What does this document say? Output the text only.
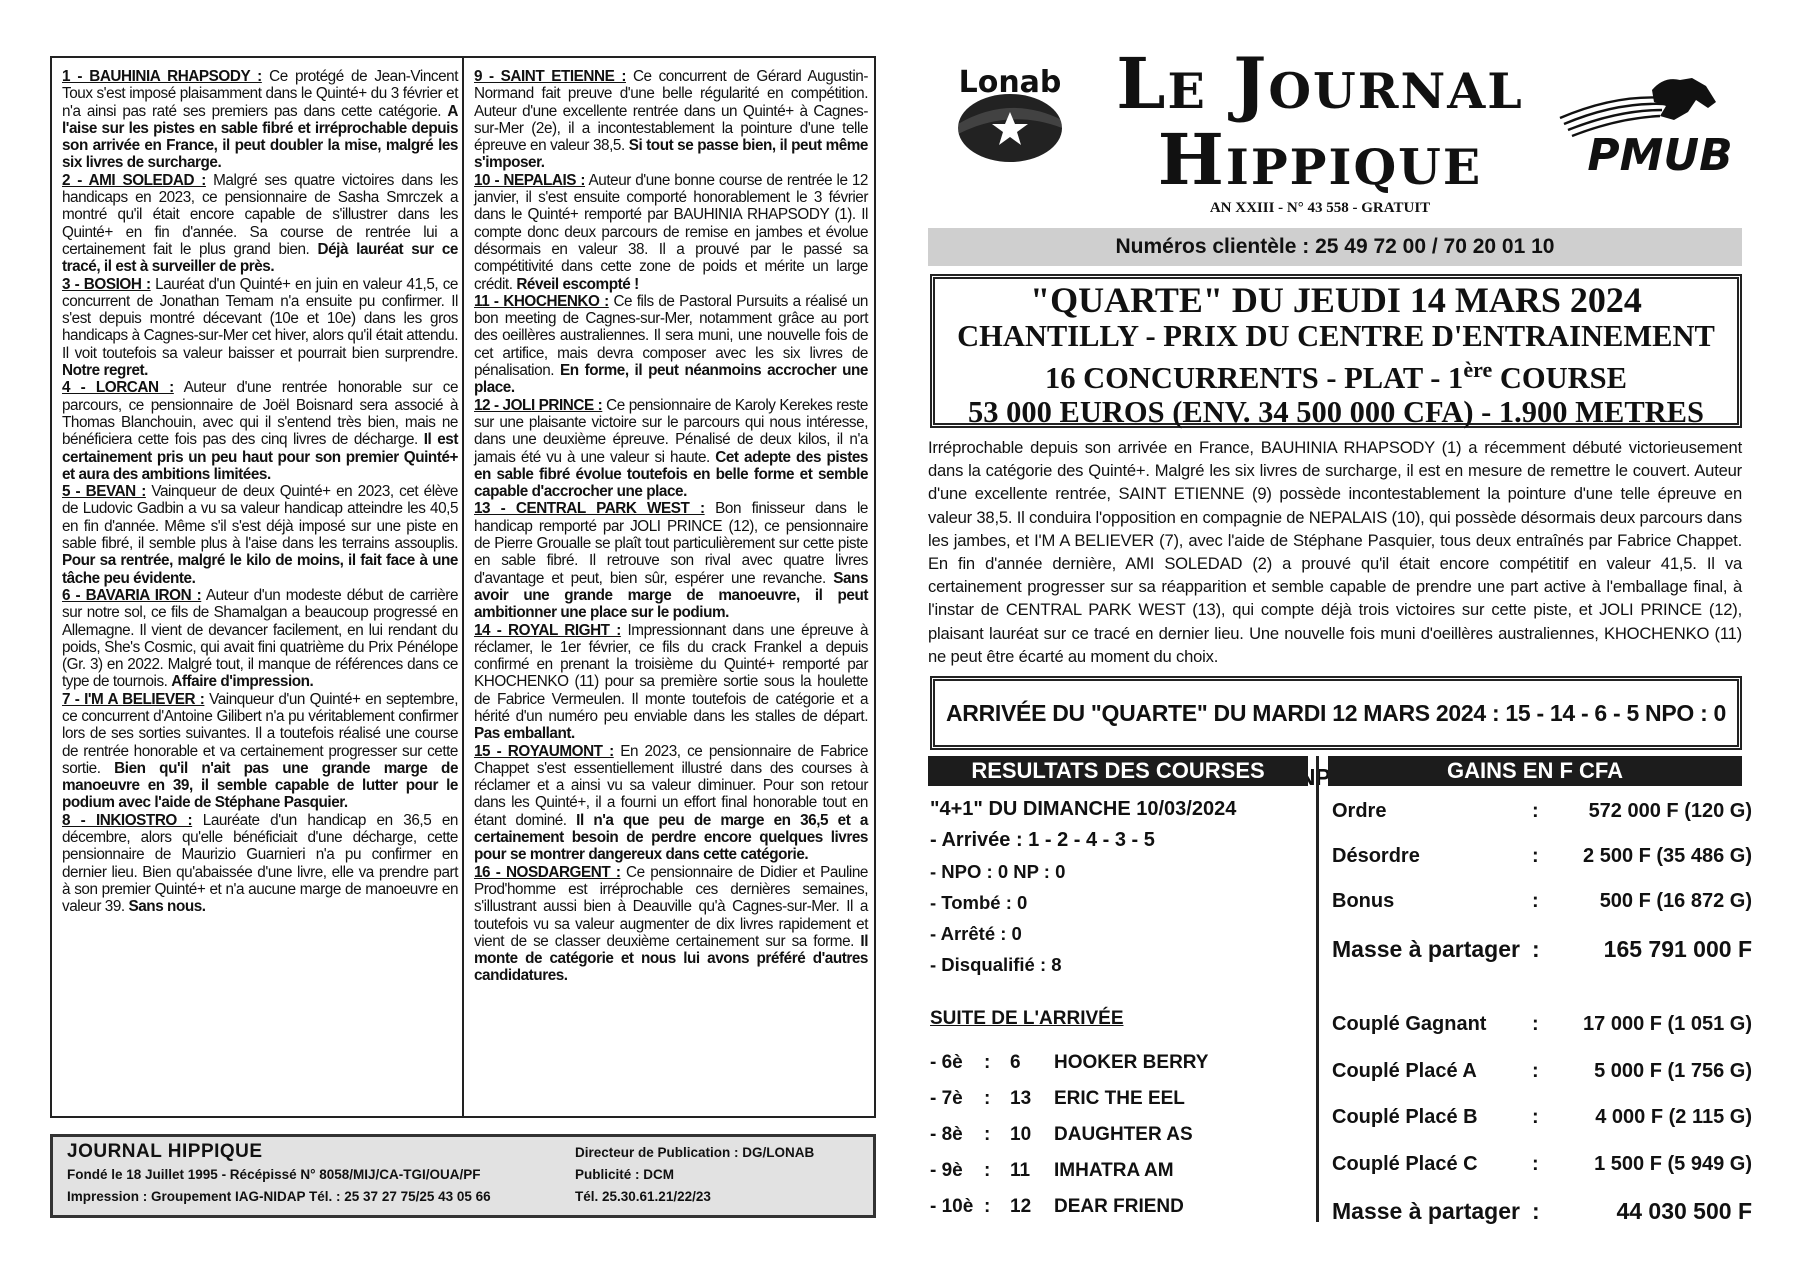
1 - BAUHINIA RHAPSODY : Ce protégé de Jean-Vincent Toux s'est imposé plaisamment dans le Quinté+ du 3 février et n'a ainsi pas raté ses premiers pas dans cette catégorie. A l'aise sur les pistes en sable fibré et irréprochable depuis son arrivée en France, il peut doubler la mise, malgré les six livres de surcharge.

2 - AMI SOLEDAD : Malgré ses quatre victoires dans les handicaps en 2023, ce pensionnaire de Sasha Smrczek a montré qu'il était encore capable de s'illustrer dans les Quinté+ en fin d'année. Sa course de rentrée lui a certainement fait le plus grand bien. Déjà lauréat sur ce tracé, il est à surveiller de près.

3 - BOSIOH : Lauréat d'un Quinté+ en juin en valeur 41,5, ce concurrent de Jonathan Temam n'a ensuite pu confirmer. Il s'est depuis montré décevant (10e et 10e) dans les gros handicaps à Cagnes-sur-Mer cet hiver, alors qu'il était attendu. Il voit toutefois sa valeur baisser et pourrait bien surprendre. Notre regret.

4 - LORCAN : Auteur d'une rentrée honorable sur ce parcours, ce pensionnaire de Joël Boisnard sera associé à Thomas Blanchouin, avec qui il s'entend très bien, mais ne bénéficiera cette fois pas des cinq livres de décharge. Il est certainement pris un peu haut pour son premier Quinté+ et aura des ambitions limitées.

5 - BEVAN : Vainqueur de deux Quinté+ en 2023, cet élève de Ludovic Gadbin a vu sa valeur handicap atteindre les 40,5 en fin d'année. Même s'il s'est déjà imposé sur une piste en sable fibré, il semble plus à l'aise dans les terrains assouplis. Pour sa rentrée, malgré le kilo de moins, il fait face à une tâche peu évidente.

6 - BAVARIA IRON : Auteur d'un modeste début de carrière sur notre sol, ce fils de Shamalgan a beaucoup progressé en Allemagne. Il vient de devancer facilement, en lui rendant du poids, She's Cosmic, qui avait fini quatrième du Prix Pénélope (Gr. 3) en 2022. Malgré tout, il manque de références dans ce type de tournois. Affaire d'impression.

7 - I'M A BELIEVER : Vainqueur d'un Quinté+ en septembre, ce concurrent d'Antoine Gilibert n'a pu véritablement confirmer lors de ses sorties suivantes. Il a toutefois réalisé une course de rentrée honorable et va certainement progresser sur cette sortie. Bien qu'il n'ait pas une grande marge de manoeuvre en 39, il semble capable de lutter pour le podium avec l'aide de Stéphane Pasquier.

8 - INKIOSTRO : Lauréate d'un handicap en 36,5 en décembre, alors qu'elle bénéficiait d'une décharge, cette pensionnaire de Maurizio Guarnieri n'a pu confirmer en dernier lieu. Bien qu'abaissée d'une livre, elle va prendre part à son premier Quinté+ et n'a aucune marge de manoeuvre en valeur 39. Sans nous.

9 - SAINT ETIENNE : Ce concurrent de Gérard Augustin-Normand fait preuve d'une belle régularité en compétition. Auteur d'une excellente rentrée dans un Quinté+ à Cagnes-sur-Mer (2e), il a incontestablement la pointure d'une telle épreuve en valeur 38,5. Si tout se passe bien, il peut même s'imposer.

10 - NEPALAIS : Auteur d'une bonne course de rentrée le 12 janvier, il s'est ensuite comporté honorablement le 3 février dans le Quinté+ remporté par BAUHINIA RHAPSODY (1). Il compte donc deux parcours de remise en jambes et évolue désormais en valeur 38. Il a prouvé par le passé sa compétitivité dans cette zone de poids et mérite un large crédit. Réveil escompté !

11 - KHOCHENKO : Ce fils de Pastoral Pursuits a réalisé un bon meeting de Cagnes-sur-Mer, notamment grâce au port des oeillères australiennes. Il sera muni, une nouvelle fois de cet artifice, mais devra composer avec les six livres de pénalisation. En forme, il peut néanmoins accrocher une place.

12 - JOLI PRINCE : Ce pensionnaire de Karoly Kerekes reste sur une plaisante victoire sur le parcours qui nous intéresse, dans une deuxième épreuve. Pénalisé de deux kilos, il n'a jamais été vu à une valeur si haute. Cet adepte des pistes en sable fibré évolue toutefois en belle forme et semble capable d'accrocher une place.

13 - CENTRAL PARK WEST : Bon finisseur dans le handicap remporté par JOLI PRINCE (12), ce pensionnaire de Pierre Groualle se plaît tout particulièrement sur cette piste en sable fibré. Il retrouve son rival avec quatre livres d'avantage et peut, bien sûr, espérer une revanche. Sans avoir une grande marge de manoeuvre, il peut ambitionner une place sur le podium.

14 - ROYAL RIGHT : Impressionnant dans une épreuve à réclamer, le 1er février, ce fils du crack Frankel a depuis confirmé en prenant la troisième du Quinté+ remporté par KHOCHENKO (11) pour sa première sortie sous la houlette de Fabrice Vermeulen. Il monte toutefois de catégorie et a hérité d'un numéro peu enviable dans les stalles de départ. Pas emballant.

15 - ROYAUMONT : En 2023, ce pensionnaire de Fabrice Chappet s'est essentiellement illustré dans des courses à réclamer et a ainsi vu sa valeur diminuer. Pour son retour dans les Quinté+, il a fourni un effort final honorable tout en étant dominé. Il n'a que peu de marge en 36,5 et a certainement besoin de perdre encore quelques livres pour se montrer dangereux dans cette catégorie.

16 - NOSDARGENT : Ce pensionnaire de Didier et Pauline Prod'homme est irréprochable ces dernières semaines, s'illustrant aussi bien à Deauville qu'à Cagnes-sur-Mer. Il a toutefois vu sa valeur augmenter de dix livres rapidement et vient de se classer deuxième certainement sur sa forme. Il monte de catégorie et nous lui avons préféré d'autres candidatures.

JOURNAL HIPPIQUE
Fondé le 18 Juillet 1995 - Récépissé N° 8058/MIJ/CA-TGI/OUA/PF
Impression : Groupement IAG-NIDAP Tél. : 25 37 27 75/25 43 05 66
Directeur de Publication : DG/LONAB
Publicité : DCM
Tél. 25.30.61.21/22/23
Lonab Le Journal
Hippique	PMUB
AN XXIII - N° 43 558 - GRATUIT
Numéros clientèle : 25 49 72 00 / 70 20 01 10
"QUARTE" DU JEUDI 14 MARS 2024
CHANTILLY - PRIX DU CENTRE D'ENTRAINEMENT
16 CONCURRENTS - PLAT - 1ère COURSE
53 000 EUROS (ENV. 34 500 000 CFA) - 1.900 METRES
Irréprochable depuis son arrivée en France, BAUHINIA RHAPSODY (1) a récemment débuté victorieusement dans la catégorie des Quinté+. Malgré les six livres de surcharge, il est en mesure de remettre le couvert. Auteur d'une excellente rentrée, SAINT ETIENNE (9) possède incontestablement la pointure d'une telle épreuve en valeur 38,5. Il conduira l'opposition en compagnie de NEPALAIS (10), qui possède désormais deux parcours dans les jambes, et I'M A BELIEVER (7), avec l'aide de Stéphane Pasquier, tous deux entraînés par Fabrice Chappet. En fin d'année dernière, AMI SOLEDAD (2) a prouvé qu'il était encore compétitif en valeur 41,5. Il va certainement progresser sur sa réapparition et semble capable de prendre une part active à l'emballage final, à l'instar de CENTRAL PARK WEST (13), qui compte déjà trois victoires sur cette piste, et JOLI PRINCE (12), plaisant lauréat sur ce tracé en dernier lieu. Une nouvelle fois muni d'oeillères australiennes, KHOCHENKO (11) ne peut être écarté au moment du choix.
ARRIVÉE DU "QUARTE" DU MARDI 12 MARS 2024 : 15 - 14 - 6 - 5 NPO : 0 NP
RESULTATS DES COURSES	GAINS EN F CFA
"4+1" DU DIMANCHE 10/03/2024
- Arrivée : 1 - 2 - 4 - 3 - 5
- NPO : 0 NP : 0
- Tombé : 0
- Arrêté : 0
- Disqualifié : 8
SUITE DE L'ARRIVÉE
- 6è : 6 HOOKER BERRY
- 7è : 13 ERIC THE EEL
- 8è : 10 DAUGHTER AS
- 9è : 11 IMHATRA AM
- 10è : 12 DEAR FRIEND
Ordre	: 572 000 F (120 G)
Désordre	: 2 500 F (35 486 G)
Bonus	:	500 F (16 872 G)
Masse à partager :	165 791 000 F
Couplé Gagnant : 17 000 F (1 051 G)
Couplé Placé A	:	5 000 F (1 756 G)
Couplé Placé B	:	4 000 F (2 115 G)
Couplé Placé C	:	1 500 F (5 949 G)
Masse à partager :	44 030 500 F
